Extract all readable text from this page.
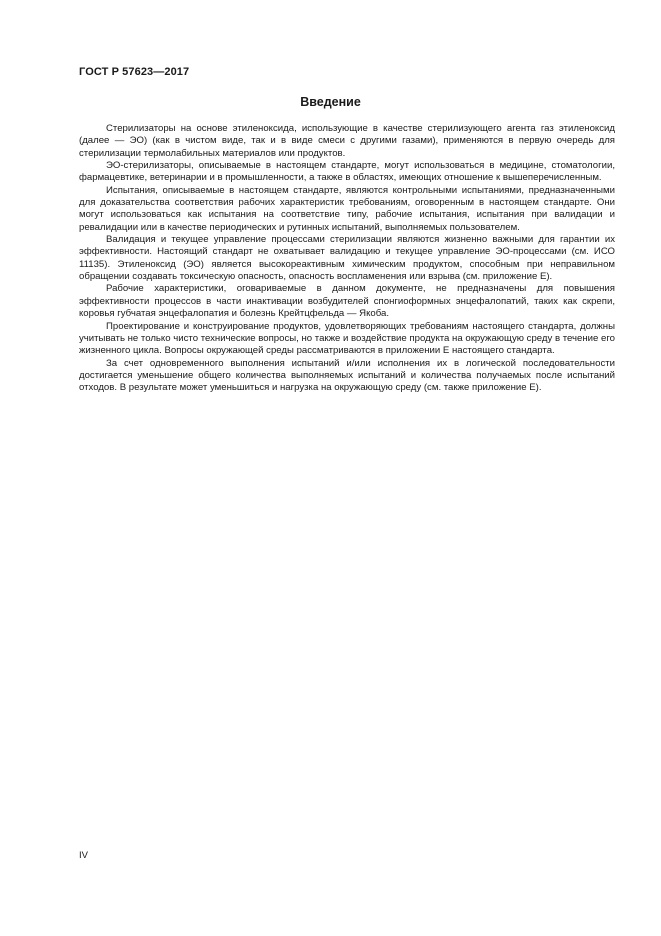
ГОСТ Р 57623—2017
Введение

Стерилизаторы на основе этиленоксида, использующие в качестве стерилизующего агента газ этиленоксид (далее — ЭО) (как в чистом виде, так и в виде смеси с другими газами), применяются в первую очередь для стерилизации термолабильных материалов или продуктов.

ЭО-стерилизаторы, описываемые в настоящем стандарте, могут использоваться в медицине, стоматологии, фармацевтике, ветеринарии и в промышленности, а также в областях, имеющих отношение к вышеперечисленным.

Испытания, описываемые в настоящем стандарте, являются контрольными испытаниями, предназначенными для доказательства соответствия рабочих характеристик требованиям, оговоренным в настоящем стандарте. Они могут использоваться как испытания на соответствие типу, рабочие испытания, испытания при валидации и ревалидации или в качестве периодических и рутинных испытаний, выполняемых пользователем.

Валидация и текущее управление процессами стерилизации являются жизненно важными для гарантии их эффективности. Настоящий стандарт не охватывает валидацию и текущее управление ЭО-процессами (см. ИСО 11135). Этиленоксид (ЭО) является высокореактивным химическим продуктом, способным при неправильном обращении создавать токсическую опасность, опасность воспламенения или взрыва (см. приложение Е).

Рабочие характеристики, оговариваемые в данном документе, не предназначены для повышения эффективности процессов в части инактивации возбудителей спонгиоформных энцефалопатий, таких как скрепи, коровья губчатая энцефалопатия и болезнь Крейтцфельда — Якоба.

Проектирование и конструирование продуктов, удовлетворяющих требованиям настоящего стандарта, должны учитывать не только чисто технические вопросы, но также и воздействие продукта на окружающую среду в течение его жизненного цикла. Вопросы окружающей среды рассматриваются в приложении Е настоящего стандарта.

За счет одновременного выполнения испытаний и/или исполнения их в логической последовательности достигается уменьшение общего количества выполняемых испытаний и количества получаемых после испытаний отходов. В результате может уменьшиться и нагрузка на окружающую среду (см. также приложение Е).

IV
